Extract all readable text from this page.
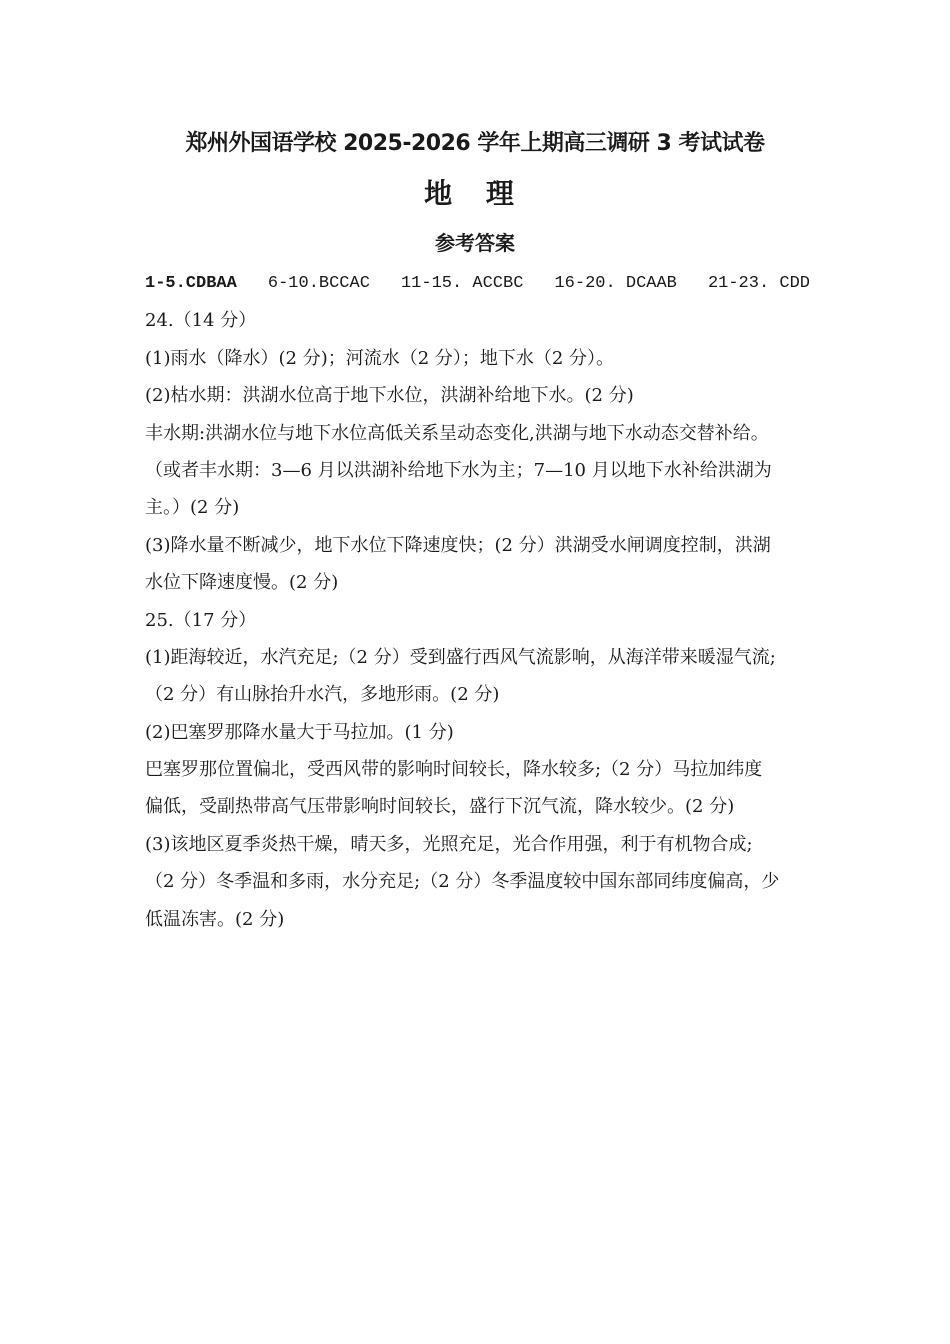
郑州外国语学校 2025-2026 学年上期高三调研 3 考试试卷
地 理
参考答案
1-5.CDBAA 6-10.BCCAC 11-15. ACCBC 16-20. DCAAB 21-23. CDD
24.（14 分）
(1)雨水（降水）(2 分)；河流水（2 分）；地下水（2 分）。
(2)枯水期：洪湖水位高于地下水位，洪湖补给地下水。(2 分)
丰水期:洪湖水位与地下水位高低关系呈动态变化,洪湖与地下水动态交替补给。
（或者丰水期：3—6 月以洪湖补给地下水为主；7—10 月以地下水补给洪湖为
主。）(2 分)
(3)降水量不断减少，地下水位下降速度快；(2 分）洪湖受水闸调度控制，洪湖
水位下降速度慢。(2 分)
25.（17 分）
(1)距海较近，水汽充足;（2 分）受到盛行西风气流影响，从海洋带来暖湿气流;
（2 分）有山脉抬升水汽，多地形雨。(2 分)
(2)巴塞罗那降水量大于马拉加。(1 分)
巴塞罗那位置偏北，受西风带的影响时间较长，降水较多;（2 分）马拉加纬度
偏低，受副热带高气压带影响时间较长，盛行下沉气流，降水较少。(2 分)
(3)该地区夏季炎热干燥，晴天多，光照充足，光合作用强，利于有机物合成;
（2 分）冬季温和多雨，水分充足;（2 分）冬季温度较中国东部同纬度偏高，少
低温冻害。(2 分)
